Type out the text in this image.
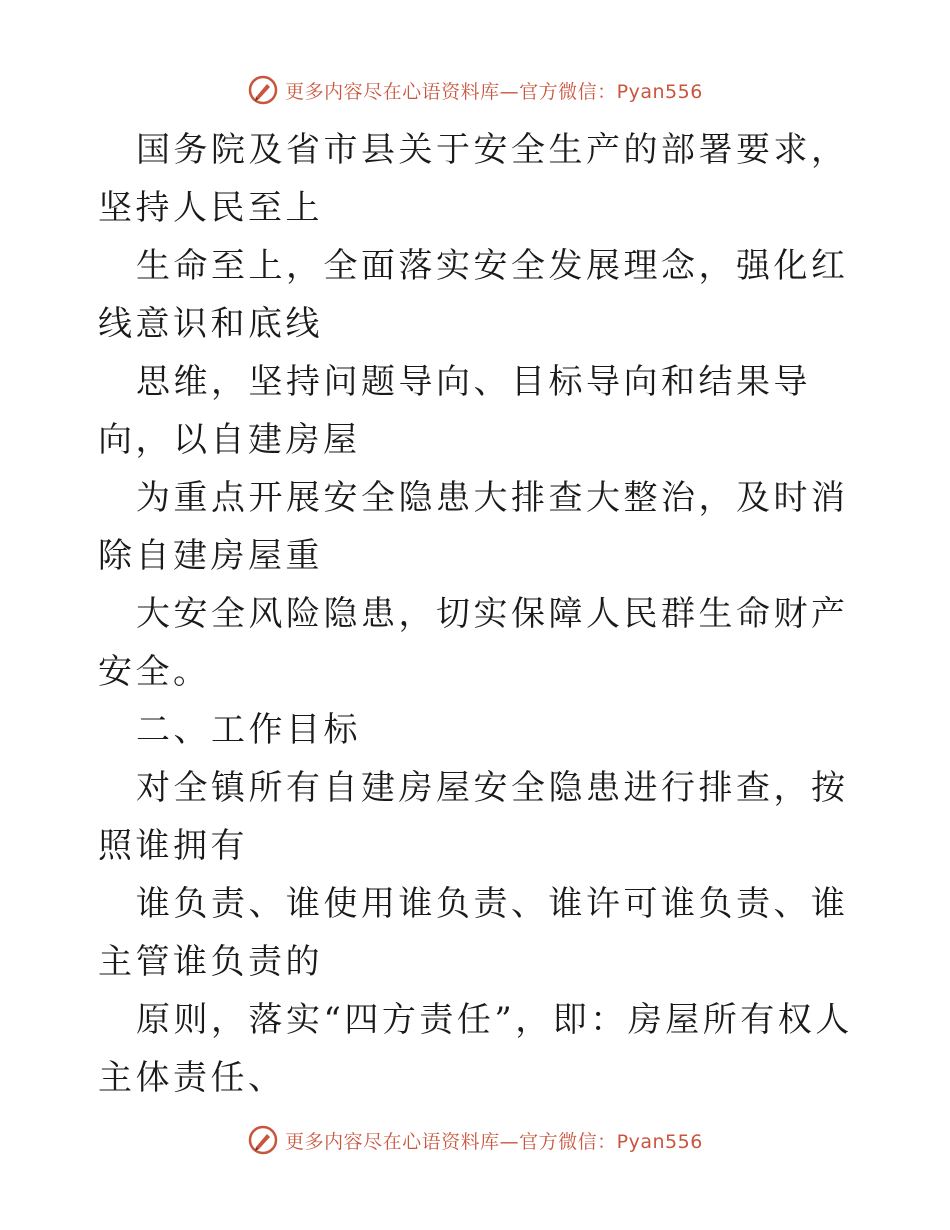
更多内容尽在心语资料库—官方微信：Pyan556

国务院及省市县关于安全生产的部署要求，坚持人民至上

生命至上，全面落实安全发展理念，强化红线意识和底线

思维，坚持问题导向、目标导向和结果导向，以自建房屋

为重点开展安全隐患大排查大整治，及时消除自建房屋重

大安全风险隐患，切实保障人民群生命财产安全。

二、工作目标

对全镇所有自建房屋安全隐患进行排查，按照谁拥有

谁负责、谁使用谁负责、谁许可谁负责、谁主管谁负责的

原则，落实“四方责任”，即：房屋所有权人主体责任、

更多内容尽在心语资料库—官方微信：Pyan556
